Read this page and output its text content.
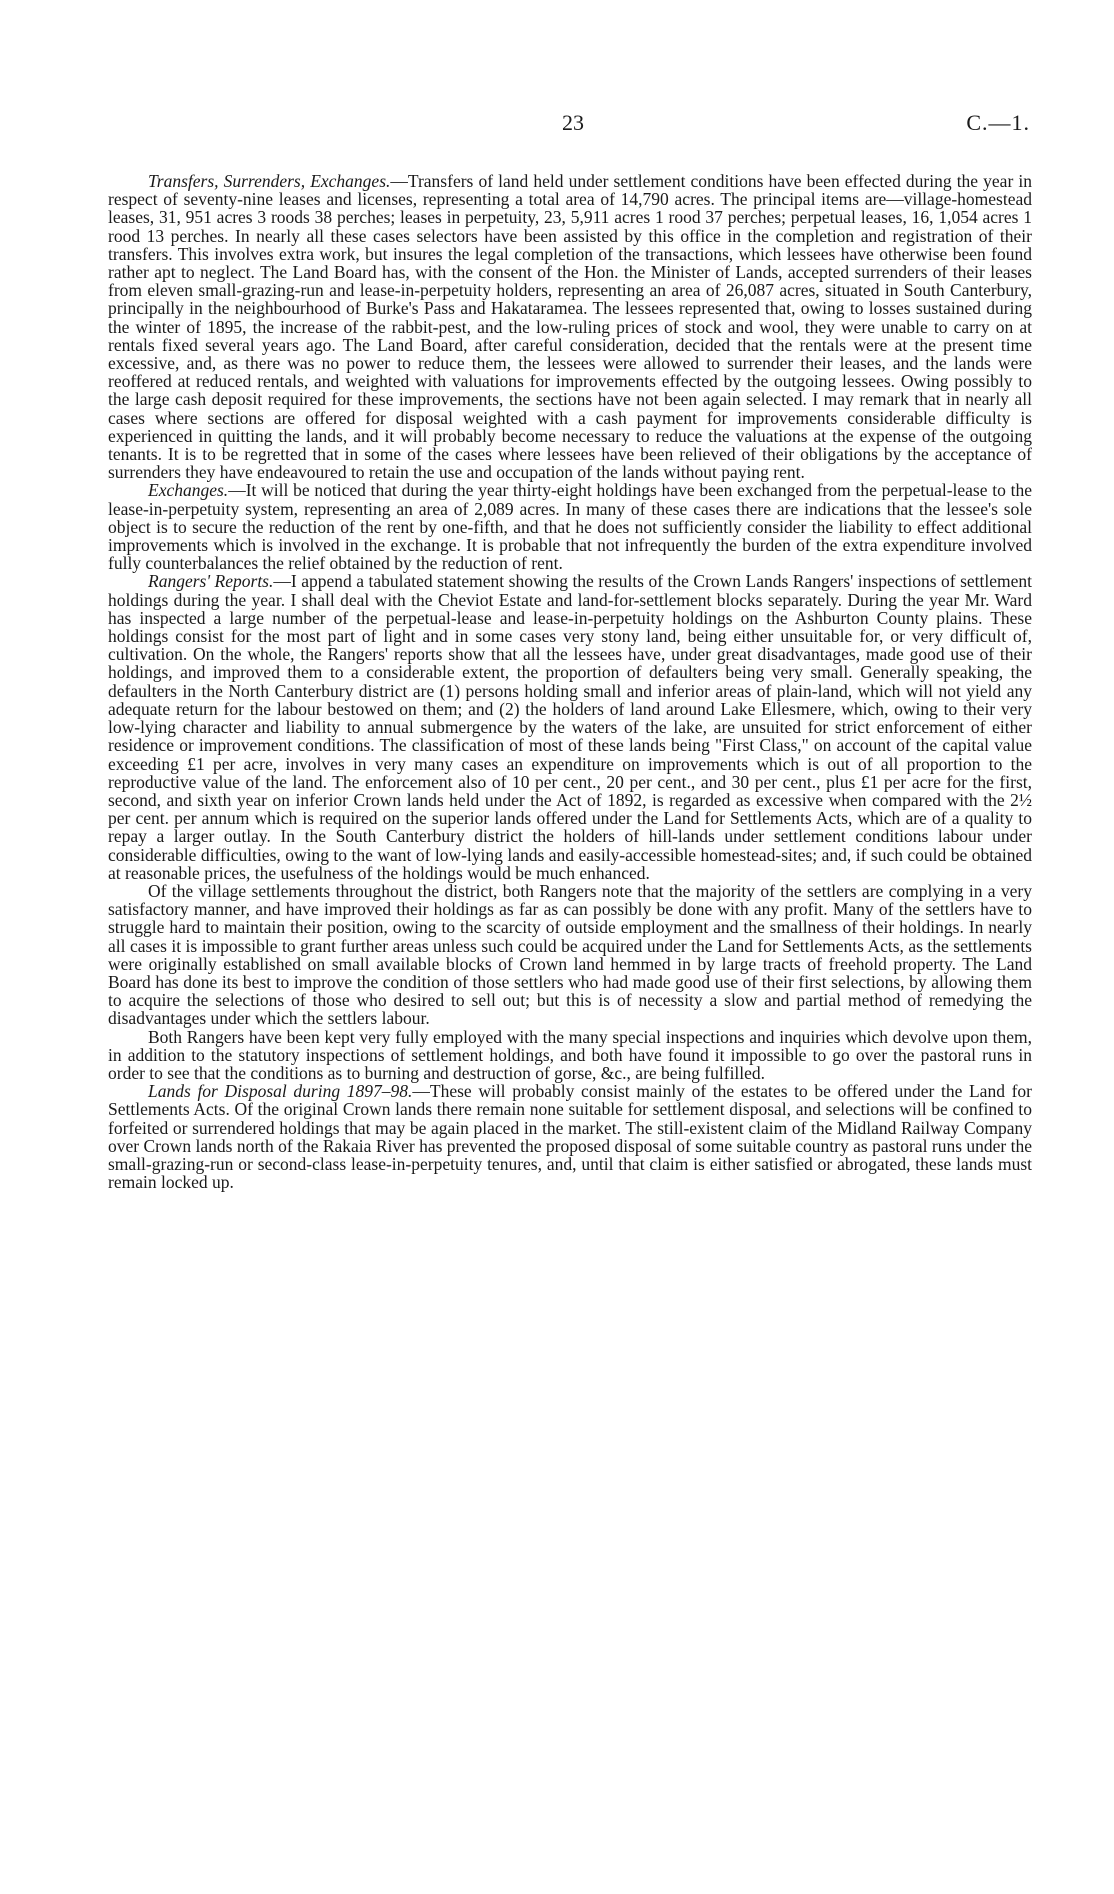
23	C.—1.

Transfers, Surrenders, Exchanges.—Transfers of land held under settlement conditions have been effected during the year in respect of seventy-nine leases and licenses, representing a total area of 14,790 acres. The principal items are—village-homestead leases, 31, 951 acres 3 roods 38 perches; leases in perpetuity, 23, 5,911 acres 1 rood 37 perches; perpetual leases, 16, 1,054 acres 1 rood 13 perches. In nearly all these cases selectors have been assisted by this office in the completion and registration of their transfers. This involves extra work, but insures the legal completion of the transactions, which lessees have otherwise been found rather apt to neglect. The Land Board has, with the consent of the Hon. the Minister of Lands, accepted surrenders of their leases from eleven small-grazing-run and lease-in-perpetuity holders, representing an area of 26,087 acres, situated in South Canterbury, principally in the neighbourhood of Burke's Pass and Hakataramea. The lessees represented that, owing to losses sustained during the winter of 1895, the increase of the rabbit-pest, and the low-ruling prices of stock and wool, they were unable to carry on at rentals fixed several years ago. The Land Board, after careful consideration, decided that the rentals were at the present time excessive, and, as there was no power to reduce them, the lessees were allowed to surrender their leases, and the lands were reoffered at reduced rentals, and weighted with valuations for improvements effected by the outgoing lessees. Owing possibly to the large cash deposit required for these improvements, the sections have not been again selected. I may remark that in nearly all cases where sections are offered for disposal weighted with a cash payment for improvements considerable difficulty is experienced in quitting the lands, and it will probably become necessary to reduce the valuations at the expense of the outgoing tenants. It is to be regretted that in some of the cases where lessees have been relieved of their obligations by the acceptance of surrenders they have endeavoured to retain the use and occupation of the lands without paying rent.

Exchanges.—It will be noticed that during the year thirty-eight holdings have been exchanged from the perpetual-lease to the lease-in-perpetuity system, representing an area of 2,089 acres. In many of these cases there are indications that the lessee's sole object is to secure the reduction of the rent by one-fifth, and that he does not sufficiently consider the liability to effect additional improvements which is involved in the exchange. It is probable that not infrequently the burden of the extra expenditure involved fully counterbalances the relief obtained by the reduction of rent.

Rangers' Reports.—I append a tabulated statement showing the results of the Crown Lands Rangers' inspections of settlement holdings during the year. I shall deal with the Cheviot Estate and land-for-settlement blocks separately. During the year Mr. Ward has inspected a large number of the perpetual-lease and lease-in-perpetuity holdings on the Ashburton County plains. These holdings consist for the most part of light and in some cases very stony land, being either unsuitable for, or very difficult of, cultivation. On the whole, the Rangers' reports show that all the lessees have, under great disadvantages, made good use of their holdings, and improved them to a considerable extent, the proportion of defaulters being very small. Generally speaking, the defaulters in the North Canterbury district are (1) persons holding small and inferior areas of plain-land, which will not yield any adequate return for the labour bestowed on them; and (2) the holders of land around Lake Ellesmere, which, owing to their very low-lying character and liability to annual submergence by the waters of the lake, are unsuited for strict enforcement of either residence or improvement conditions. The classification of most of these lands being "First Class," on account of the capital value exceeding £1 per acre, involves in very many cases an expenditure on improvements which is out of all proportion to the reproductive value of the land. The enforcement also of 10 per cent., 20 per cent., and 30 per cent., plus £1 per acre for the first, second, and sixth year on inferior Crown lands held under the Act of 1892, is regarded as excessive when compared with the 2½ per cent. per annum which is required on the superior lands offered under the Land for Settlements Acts, which are of a quality to repay a larger outlay. In the South Canterbury district the holders of hill-lands under settlement conditions labour under considerable difficulties, owing to the want of low-lying lands and easily-accessible homestead-sites; and, if such could be obtained at reasonable prices, the usefulness of the holdings would be much enhanced.

Of the village settlements throughout the district, both Rangers note that the majority of the settlers are complying in a very satisfactory manner, and have improved their holdings as far as can possibly be done with any profit. Many of the settlers have to struggle hard to maintain their position, owing to the scarcity of outside employment and the smallness of their holdings. In nearly all cases it is impossible to grant further areas unless such could be acquired under the Land for Settlements Acts, as the settlements were originally established on small available blocks of Crown land hemmed in by large tracts of freehold property. The Land Board has done its best to improve the condition of those settlers who had made good use of their first selections, by allowing them to acquire the selections of those who desired to sell out; but this is of necessity a slow and partial method of remedying the disadvantages under which the settlers labour.

Both Rangers have been kept very fully employed with the many special inspections and inquiries which devolve upon them, in addition to the statutory inspections of settlement holdings, and both have found it impossible to go over the pastoral runs in order to see that the conditions as to burning and destruction of gorse, &c., are being fulfilled.

Lands for Disposal during 1897–98.—These will probably consist mainly of the estates to be offered under the Land for Settlements Acts. Of the original Crown lands there remain none suitable for settlement disposal, and selections will be confined to forfeited or surrendered holdings that may be again placed in the market. The still-existent claim of the Midland Railway Company over Crown lands north of the Rakaia River has prevented the proposed disposal of some suitable country as pastoral runs under the small-grazing-run or second-class lease-in-perpetuity tenures, and, until that claim is either satisfied or abrogated, these lands must remain locked up.
